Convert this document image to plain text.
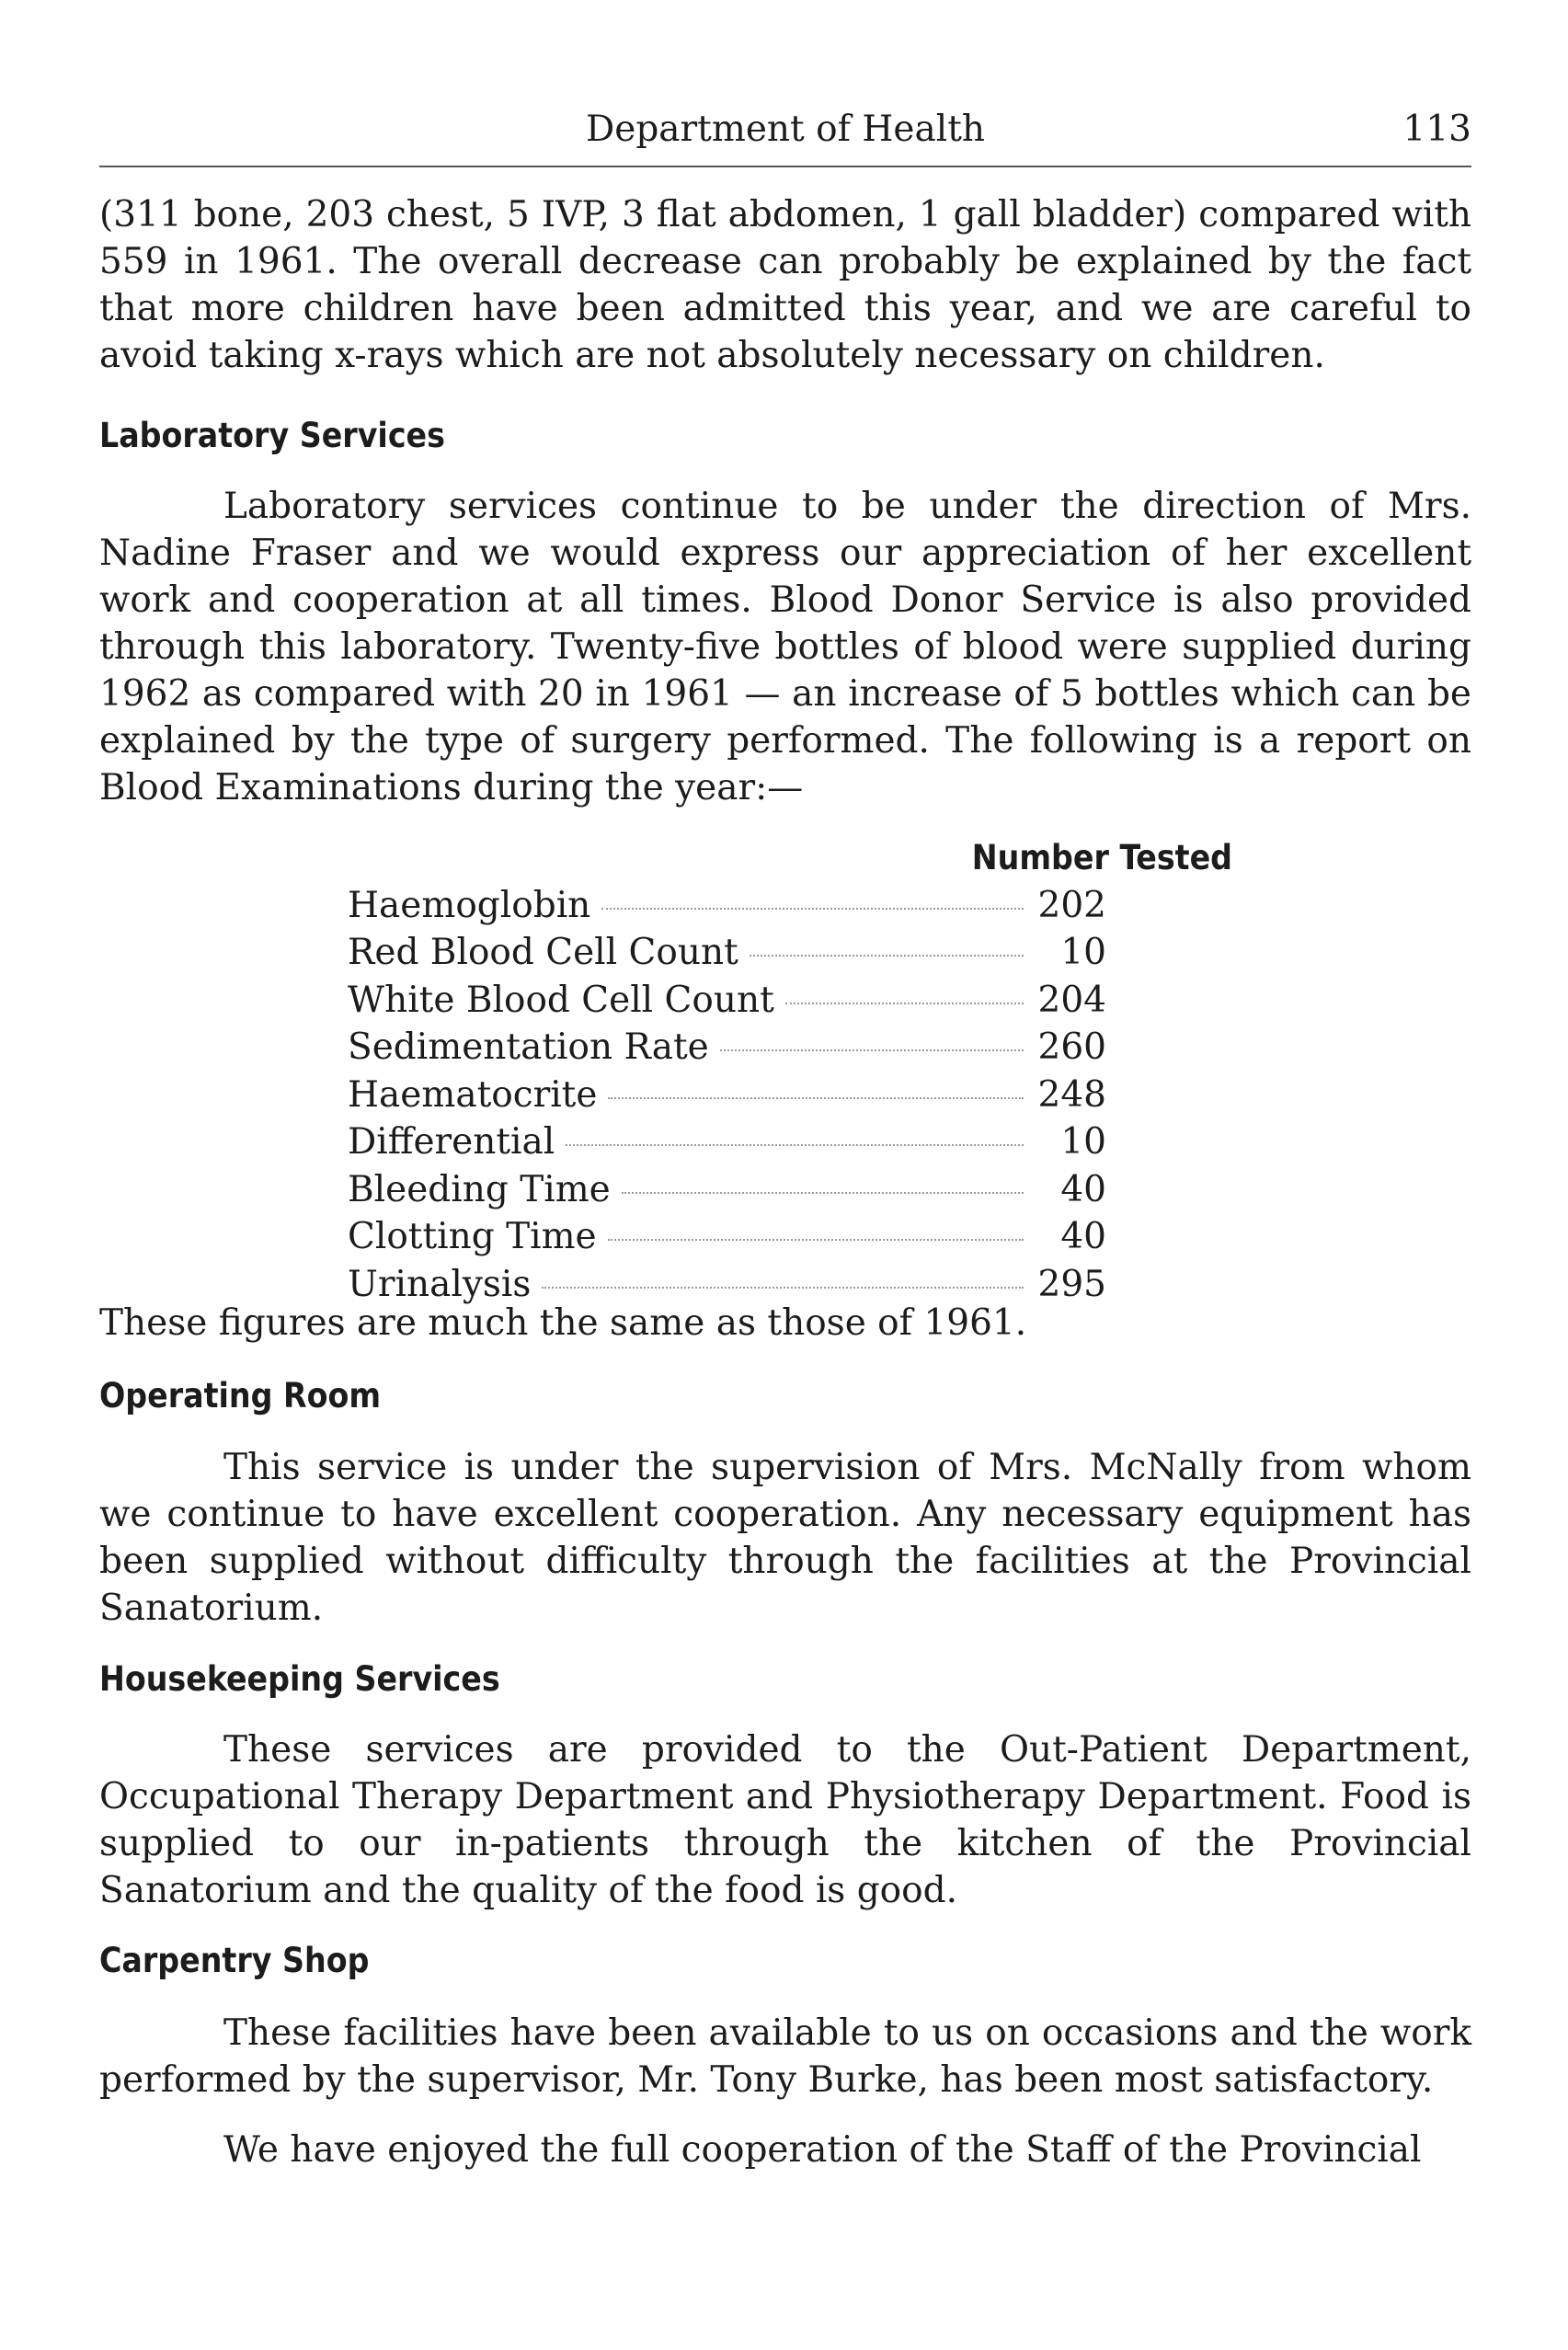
Department of Health	113

(311 bone, 203 chest, 5 IVP, 3 flat abdomen, 1 gall bladder) compared with 559 in 1961. The overall decrease can probably be explained by the fact that more children have been admitted this year, and we are careful to avoid taking x-rays which are not absolutely necessary on children.

Laboratory Services

Laboratory services continue to be under the direction of Mrs. Nadine Fraser and we would express our appreciation of her excellent work and cooperation at all times. Blood Donor Service is also provided through this laboratory. Twenty-five bottles of blood were supplied during 1962 as compared with 20 in 1961 — an increase of 5 bottles which can be explained by the type of surgery performed. The following is a report on Blood Examinations during the year:—

Number Tested
Haemoglobin	202
Red Blood Cell Count	10
White Blood Cell Count	204
Sedimentation Rate	260
Haematocrite	248
Differential	10
Bleeding Time	40
Clotting Time	40
Urinalysis	295

These figures are much the same as those of 1961.

Operating Room

This service is under the supervision of Mrs. McNally from whom we continue to have excellent cooperation. Any necessary equipment has been supplied without difficulty through the facilities at the Provincial Sanatorium.

Housekeeping Services

These services are provided to the Out-Patient Department, Occupational Therapy Department and Physiotherapy Department. Food is supplied to our in-patients through the kitchen of the Provincial Sanatorium and the quality of the food is good.

Carpentry Shop

These facilities have been available to us on occasions and the work performed by the supervisor, Mr. Tony Burke, has been most satisfactory.

We have enjoyed the full cooperation of the Staff of the Provincial
